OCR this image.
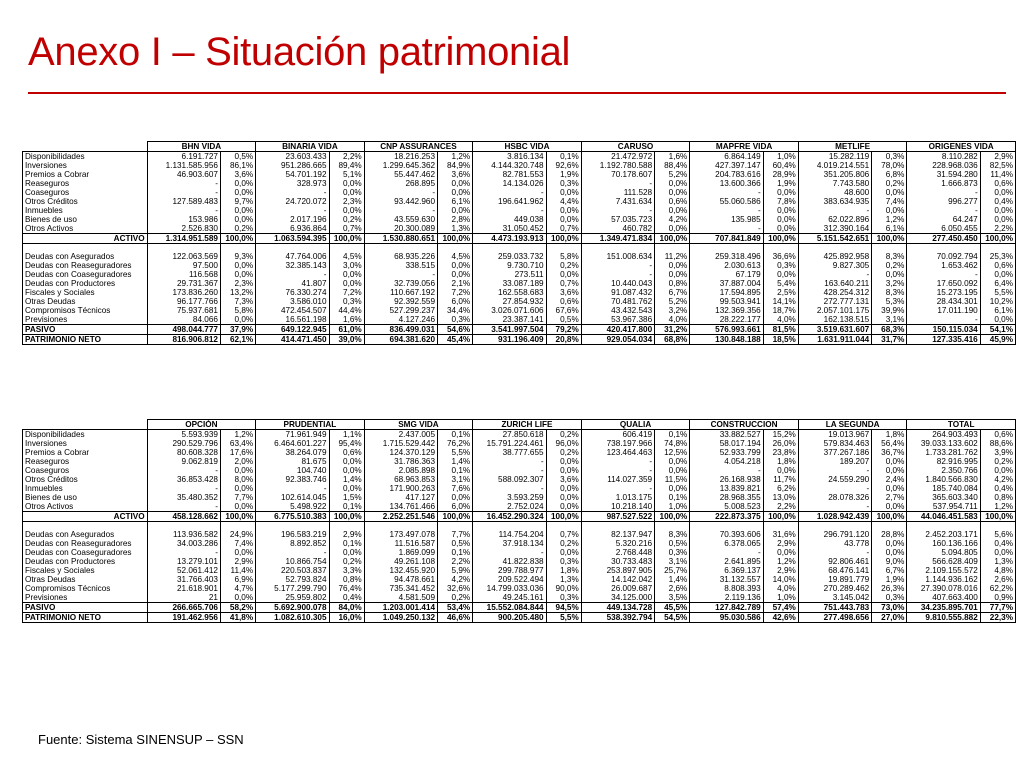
Anexo I – Situación patrimonial
	BHN VIDA		BINARIA VIDA		CNP ASSURANCES		HSBC VIDA		CARUSO		MAPFRE VIDA		METLIFE		ORIGENES VIDA	
Disponibilidades	6.191.727	0,5%	23.603.433	2,2%	18.216.253	1,2%	3.816.134	0,1%	21.472.972	1,6%	6.864.149	1,0%	15.282.119	0,3%	8.110.282	2,9%
Inversiones	1.131.585.956	86,1%	951.286.665	89,4%	1.299.645.362	84,9%	4.144.320.748	92,6%	1.192.780.588	88,4%	427.397.147	60,4%	4.019.214.551	78,0%	228.968.036	82,5%
Premios a Cobrar	46.903.607	3,6%	54.701.192	5,1%	55.447.462	3,6%	82.781.553	1,9%	70.178.607	5,2%	204.783.616	28,9%	351.205.806	6,8%	31.594.280	11,4%
Reaseguros	-	0,0%	328.973	0,0%	268.895	0,0%	14.134.026	0,3%	-	0,0%	13.600.366	1,9%	7.743.580	0,2%	1.666.873	0,6%
Coaseguros	-	0,0%	-	0,0%	-	0,0%	-	0,0%	111.528	0,0%	-	0,0%	48.600	0,0%	-	0,0%
Otros Créditos	127.589.483	9,7%	24.720.072	2,3%	93.442.960	6,1%	196.641.962	4,4%	7.431.634	0,6%	55.060.586	7,8%	383.634.935	7,4%	996.277	0,4%
Inmuebles	-	0,0%	-	0,0%	-	0,0%	-	0,0%	-	0,0%	-	0,0%	-	0,0%	-	0,0%
Bienes de uso	153.986	0,0%	2.017.196	0,2%	43.559.630	2,8%	449.038	0,0%	57.035.723	4,2%	135.985	0,0%	62.022.896	1,2%	64.247	0,0%
Otros Activos	2.526.830	0,2%	6.936.864	0,7%	20.300.089	1,3%	31.050.452	0,7%	460.782	0,0%	-	0,0%	312.390.164	6,1%	6.050.455	2,2%
ACTIVO	1.314.951.589	100,0%	1.063.594.395	100,0%	1.530.880.651	100,0%	4.473.193.913	100,0%	1.349.471.834	100,0%	707.841.849	100,0%	5.151.542.651	100,0%	277.450.450	100,0%

Deudas con Asegurados	122.063.569	9,3%	47.764.006	4,5%	68.935.226	4,5%	259.033.732	5,8%	151.008.634	11,2%	259.318.496	36,6%	425.892.958	8,3%	70.092.794	25,3%
Deudas con Reaseguradores	97.500	0,0%	32.385.143	3,0%	338.515	0,0%	9.730.710	0,2%	-	0,0%	2.030.613	0,3%	9.827.305	0,2%	1.653.462	0,6%
Deudas con Coaseguradores	116.568	0,0%	-	0,0%	-	0,0%	273.511	0,0%	-	0,0%	67.179	0,0%	-	0,0%	-	0,0%
Deudas con Productores	29.731.367	2,3%	41.807	0,0%	32.739.056	2,1%	33.087.189	0,7%	10.440.043	0,8%	37.887.004	5,4%	163.640.211	3,2%	17.650.092	6,4%
Fiscales y Sociales	173.836.260	13,2%	76.330.274	7,2%	110.667.192	7,2%	162.558.683	3,6%	91.087.432	6,7%	17.594.895	2,5%	428.254.312	8,3%	15.273.195	5,5%
Otras Deudas	96.177.766	7,3%	3.586.010	0,3%	92.392.559	6,0%	27.854.932	0,6%	70.481.762	5,2%	99.503.941	14,1%	272.777.131	5,3%	28.434.301	10,2%
Compromisos Técnicos	75.937.681	5,8%	472.454.507	44,4%	527.299.237	34,4%	3.026.071.606	67,6%	43.432.543	3,2%	132.369.356	18,7%	2.057.101.175	39,9%	17.011.190	6,1%
Previsiones	84.066	0,0%	16.561.198	1,6%	4.127.246	0,3%	23.387.141	0,5%	53.967.386	4,0%	28.222.177	4,0%	162.138.515	3,1%	-	0,0%
PASIVO	498.044.777	37,9%	649.122.945	61,0%	836.499.031	54,6%	3.541.997.504	79,2%	420.417.800	31,2%	576.993.661	81,5%	3.519.631.607	68,3%	150.115.034	54,1%
PATRIMONIO NETO	816.906.812	62,1%	414.471.450	39,0%	694.381.620	45,4%	931.196.409	20,8%	929.054.034	68,8%	130.848.188	18,5%	1.631.911.044	31,7%	127.335.416	45,9%
	OPCIÓN		PRUDENTIAL		SMG VIDA		ZURICH LIFE		QUALIA		CONSTRUCCION		LA SEGUNDA		TOTAL	
Disponibilidades	5.593.939	1,2%	71.961.949	1,1%	2.437.005	0,1%	27.850.618	0,2%	606.419	0,1%	33.882.527	15,2%	19.013.967	1,8%	264.903.493	0,6%
Inversiones	290.529.796	63,4%	6.464.601.227	95,4%	1.715.529.442	76,2%	15.791.224.461	96,0%	738.197.966	74,8%	58.017.194	26,0%	579.834.463	56,4%	39.033.133.602	88,6%
Premios a Cobrar	80.608.328	17,6%	38.264.079	0,6%	124.370.129	5,5%	38.777.655	0,2%	123.464.463	12,5%	52.933.799	23,8%	377.267.186	36,7%	1.733.281.762	3,9%
Reaseguros	9.062.819	2,0%	81.675	0,0%	31.786.363	1,4%	-	0,0%	-	0,0%	4.054.218	1,8%	189.207	0,0%	82.916.995	0,2%
Coaseguros	-	0,0%	104.740	0,0%	2.085.898	0,1%	-	0,0%	-	0,0%	-	0,0%	-	0,0%	2.350.766	0,0%
Otros Créditos	36.853.428	8,0%	92.383.746	1,4%	68.963.853	3,1%	588.092.307	3,6%	114.027.359	11,5%	26.168.938	11,7%	24.559.290	2,4%	1.840.566.830	4,2%
Inmuebles	-	0,0%	-	0,0%	171.900.263	7,6%	-	0,0%	-	0,0%	13.839.821	6,2%	-	0,0%	185.740.084	0,4%
Bienes de uso	35.480.352	7,7%	102.614.045	1,5%	417.127	0,0%	3.593.259	0,0%	1.013.175	0,1%	28.968.355	13,0%	28.078.326	2,7%	365.603.340	0,8%
Otros Activos	-	0,0%	5.498.922	0,1%	134.761.466	6,0%	2.752.024	0,0%	10.218.140	1,0%	5.008.523	2,2%	-	0,0%	537.954.711	1,2%
ACTIVO	458.128.662	100,0%	6.775.510.383	100,0%	2.252.251.546	100,0%	16.452.290.324	100,0%	987.527.522	100,0%	222.873.375	100,0%	1.028.942.439	100,0%	44.046.451.583	100,0%

Deudas con Asegurados	113.936.582	24,9%	196.583.219	2,9%	173.497.078	7,7%	114.754.204	0,7%	82.137.947	8,3%	70.393.606	31,6%	296.791.120	28,8%	2.452.203.171	5,6%
Deudas con Reaseguradores	34.003.286	7,4%	8.892.852	0,1%	11.516.587	0,5%	37.918.134	0,2%	5.320.216	0,5%	6.378.065	2,9%	43.778	0,0%	160.136.166	0,4%
Deudas con Coaseguradores	-	0,0%	-	0,0%	1.869.099	0,1%	-	0,0%	2.768.448	0,3%	-	0,0%	-	0,0%	5.094.805	0,0%
Deudas con Productores	13.279.101	2,9%	10.866.754	0,2%	49.261.108	2,2%	41.822.838	0,3%	30.733.483	3,1%	2.641.895	1,2%	92.806.461	9,0%	566.628.409	1,3%
Fiscales y Sociales	52.061.412	11,4%	220.503.837	3,3%	132.455.920	5,9%	299.788.977	1,8%	253.897.905	25,7%	6.369.137	2,9%	68.476.141	6,7%	2.109.155.572	4,8%
Otras Deudas	31.766.403	6,9%	52.793.824	0,8%	94.478.661	4,2%	209.522.494	1,3%	14.142.042	1,4%	31.132.557	14,0%	19.891.779	1,9%	1.144.936.162	2,6%
Compromisos Técnicos	21.618.901	4,7%	5.177.299.790	76,4%	735.341.452	32,6%	14.799.033.036	90,0%	26.009.687	2,6%	8.808.393	4,0%	270.289.462	26,3%	27.390.078.016	62,2%
Previsiones	21	0,0%	25.959.802	0,4%	4.581.509	0,2%	49.245.161	0,3%	34.125.000	3,5%	2.119.136	1,0%	3.145.042	0,3%	407.663.400	0,9%
PASIVO	266.665.706	58,2%	5.692.900.078	84,0%	1.203.001.414	53,4%	15.552.084.844	94,5%	449.134.728	45,5%	127.842.789	57,4%	751.443.783	73,0%	34.235.895.701	77,7%
PATRIMONIO NETO	191.462.956	41,8%	1.082.610.305	16,0%	1.049.250.132	46,6%	900.205.480	5,5%	538.392.794	54,5%	95.030.586	42,6%	277.498.656	27,0%	9.810.555.882	22,3%

Fuente: Sistema SINENSUP – SSN
